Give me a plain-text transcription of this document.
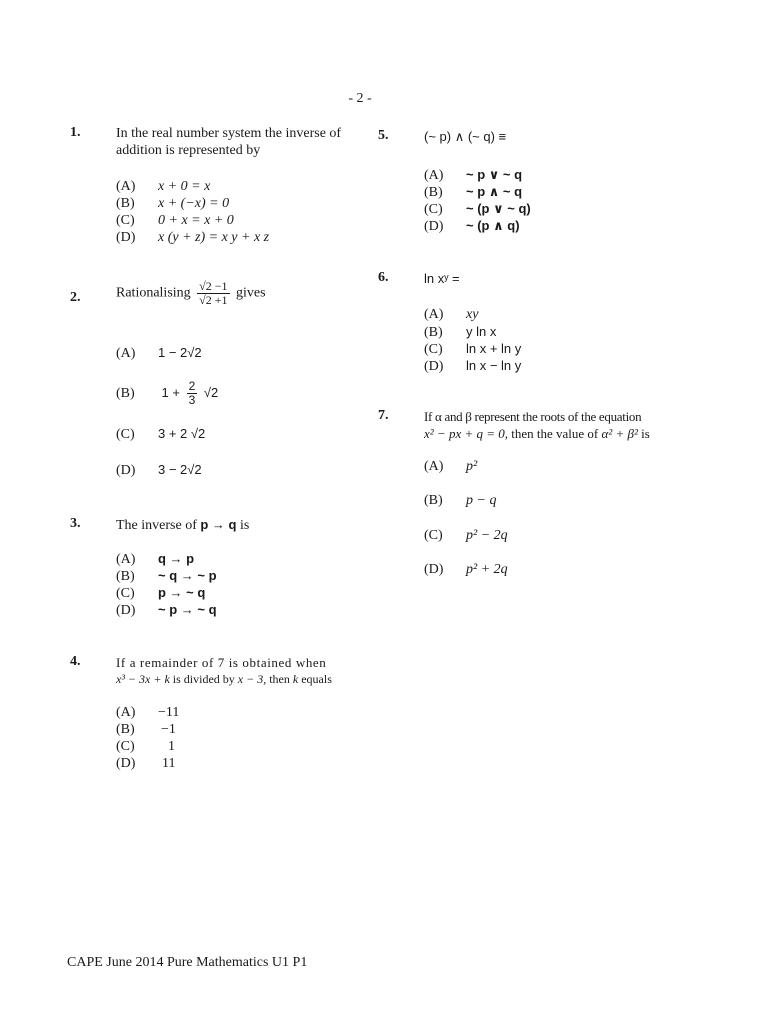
- 2 -
1.	In the real number system the inverse of
addition is represented by
(A) x + 0 = x
(B) x + (−x) = 0
(C) 0 + x = x + 0
(D) x (y + z) = x y + x z
2.	Rationalising $\frac{√2 -1}{√2 +1}$ gives
(A) 1 − 2√2
(B) $1 + \frac{2}{3} √2$
(C) 3 + 2 √2
(D) 3 − 2√2
3.	The inverse of p → q is
(A) q → p
(B) ~ q → ~ p
(C) p → ~ q
(D) ~ p → ~ q
4.	If a remainder of 7 is obtained when
x³ − 3x + k is divided by x − 3, then k equals
(A) −11
(B) −1
(C) 1
(D) 11
5.	(~ p) ∧ (~ q) ≡
(A) ~ p ∨ ~ q
(B) ~ p ∧ ~ q
(C) ~ (p ∨ ~ q)
(D) ~ (p ∧ q)
6.	ln xʸ =
(A) xy
(B) y ln x
(C) ln x + ln y
(D) ln x − ln y
7.	If α and β represent the roots of the equation
x² − px + q = 0, then the value of α² + β² is
(A) p²
(B) p − q
(C) p² − 2q
(D) p² + 2q
CAPE June 2014 Pure Mathematics U1 P1
